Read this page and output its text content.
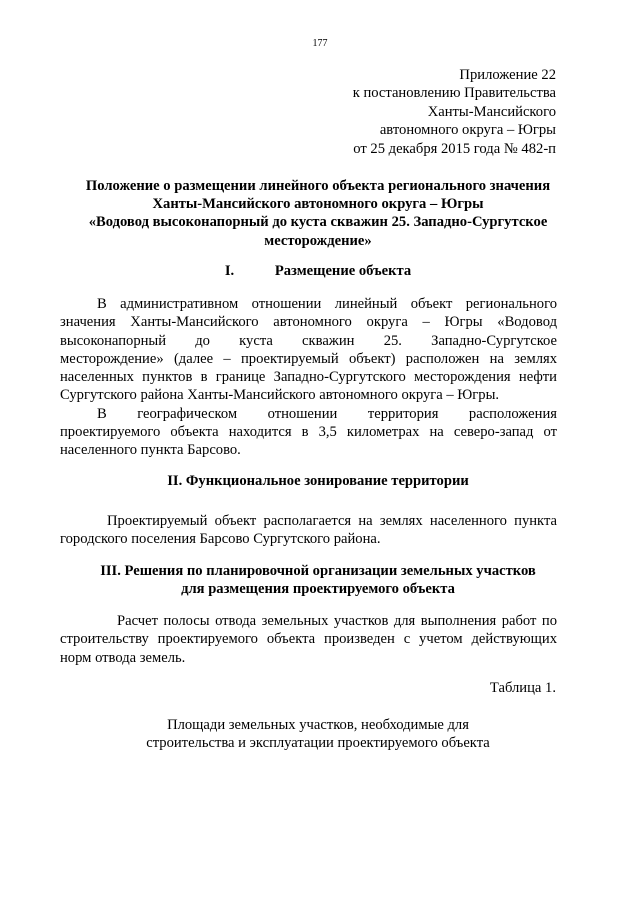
177
Приложение 22
к постановлению Правительства
Ханты-Мансийского
автономного округа – Югры
от 25 декабря 2015 года № 482-п
Положение о размещении линейного объекта регионального значения
Ханты-Мансийского автономного округа – Югры
«Водовод высоконапорный до куста скважин 25. Западно-Сургутское
месторождение»
I.	Размещение объекта
В административном отношении линейный объект регионального
значения Ханты-Мансийского автономного округа – Югры «Водовод
высоконапорный до куста скважин 25. Западно-Сургутское
месторождение» (далее – проектируемый объект) расположен на землях
населенных пунктов в границе Западно-Сургутского месторождения нефти
Сургутского района Ханты-Мансийского автономного округа – Югры.
В географическом отношении территория расположения
проектируемого объекта находится в 3,5 километрах на северо-запад от
населенного пункта Барсово.
II. Функциональное зонирование территории
Проектируемый объект располагается на землях населенного пункта
городского поселения Барсово Сургутского района.
III. Решения по планировочной организации земельных участков
для размещения проектируемого объекта
Расчет полосы отвода земельных участков для выполнения работ по
строительству проектируемого объекта произведен с учетом действующих
норм отвода земель.
Таблица 1.
Площади земельных участков, необходимые для
строительства и эксплуатации проектируемого объекта
